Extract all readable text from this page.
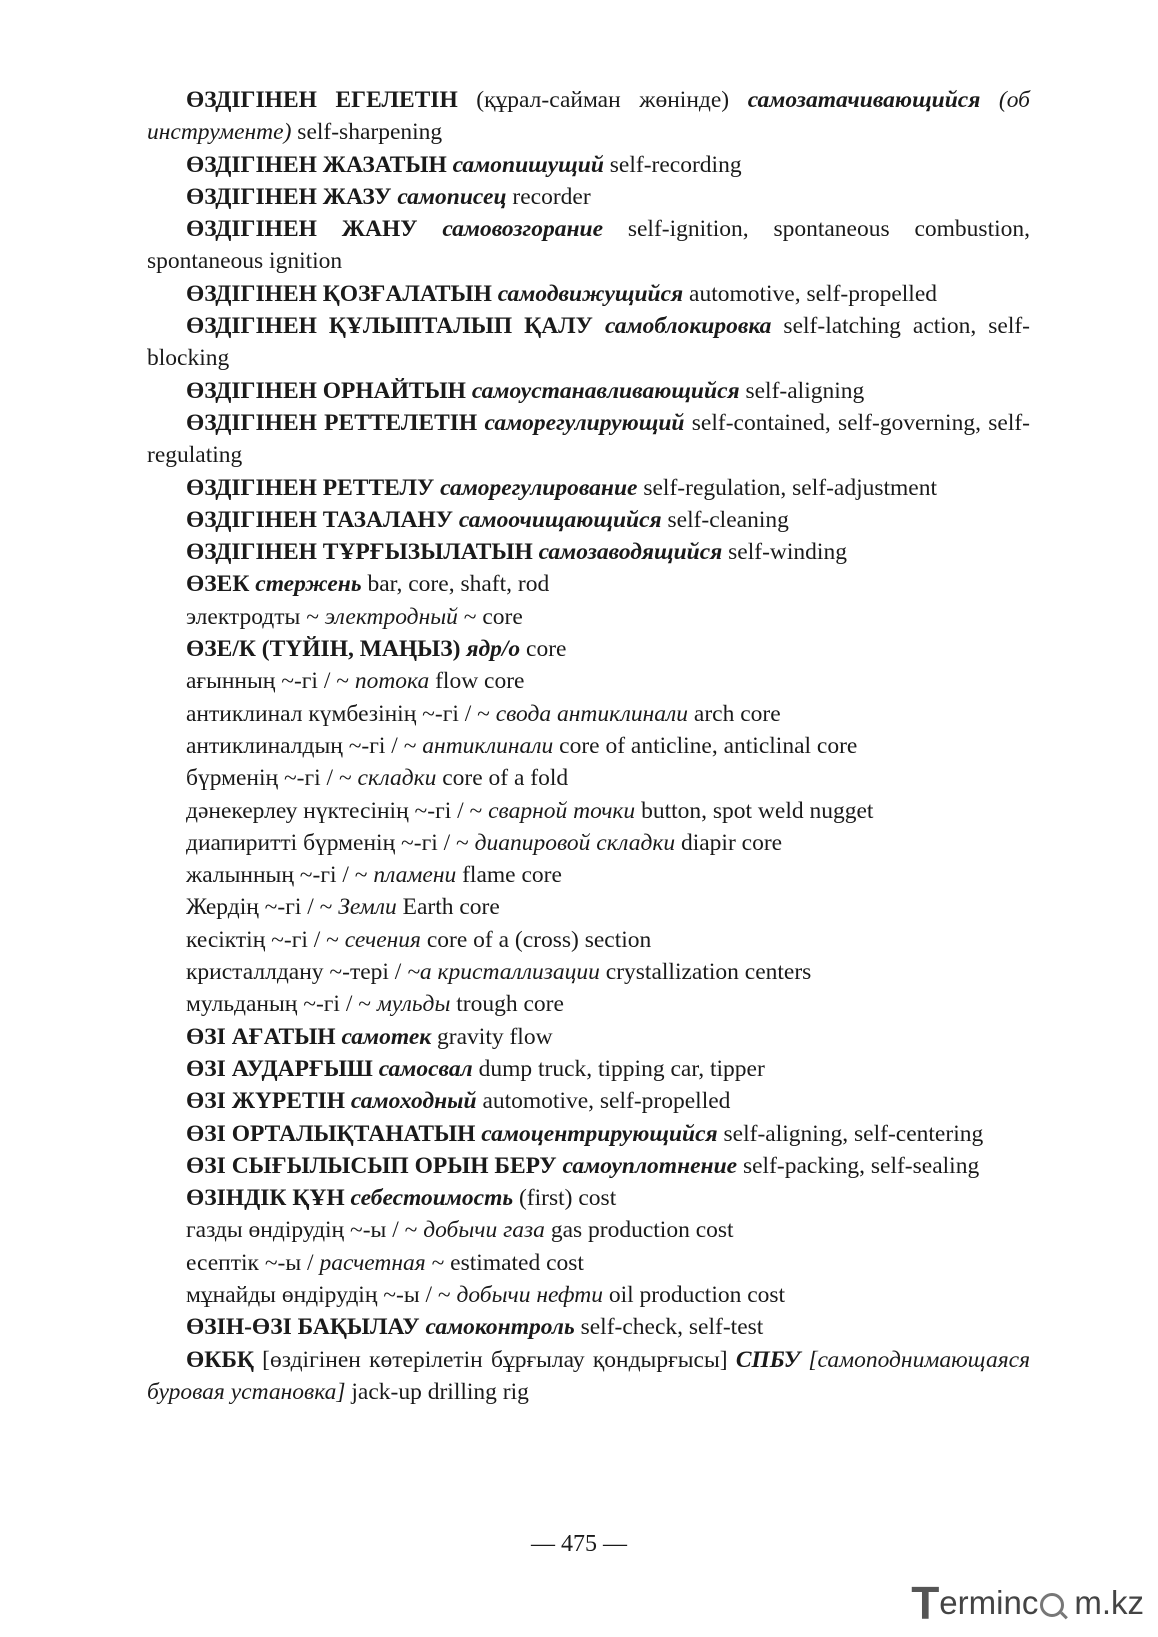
ӨЗДІГІНЕН ЕГЕЛЕТІН (құрал-сайман жөнінде) самозатачивающийся (об инструменте) self-sharpening

ӨЗДІГІНЕН ЖАЗАТЫН самопишущий self-recording

ӨЗДІГІНЕН ЖАЗУ самописец recorder

ӨЗДІГІНЕН ЖАНУ самовозгорание self-ignition, spontaneous combustion, spontaneous ignition

ӨЗДІГІНЕН ҚОЗҒАЛАТЫН самодвижущийся automotive, self-propelled

ӨЗДІГІНЕН ҚҰЛЫПТАЛЫП ҚАЛУ самоблокировка self-latching action, self-blocking

ӨЗДІГІНЕН ОРНАЙТЫН самоустанавливающийся self-aligning

ӨЗДІГІНЕН РЕТТЕЛЕТІН саморегулирующий self-contained, self-governing, self-regulating

ӨЗДІГІНЕН РЕТТЕЛУ саморегулирование self-regulation, self-adjustment

ӨЗДІГІНЕН ТАЗАЛАНУ самоочищающийся self-cleaning

ӨЗДІГІНЕН ТҰРҒЫЗЫЛАТЫН самозаводящийся self-winding

ӨЗЕК стержень bar, core, shaft, rod

электродты ~ электродный ~ core

ӨЗЕ/К (ТҮЙІН, МАҢЫЗ) ядр/о core

ағынның ~-гі / ~ потока flow core

антиклинал күмбезінің ~-гі / ~ свода антиклинали arch core

антиклиналдың ~-гі / ~ антиклинали core of anticline, anticlinal core

бүрменің ~-гі / ~ складки core of a fold

дәнекерлеу нүктесінің ~-гі / ~ сварной точки button, spot weld nugget

диапиритті бүрменің ~-гі / ~ диапировой складки diapir core

жалынның ~-гі / ~ пламени flame core

Жердің ~-гі / ~ Земли Earth core

кесіктің ~-гі / ~ сечения core of a (cross) section

кристаллдану ~-тері / ~а кристаллизации crystallization centers

мульданың ~-гі / ~ мульды trough core

ӨЗІ АҒАТЫН самотек gravity flow

ӨЗІ АУДАРҒЫШ самосвал dump truck, tipping car, tipper

ӨЗІ ЖҮРЕТІН самоходный automotive, self-propelled

ӨЗІ ОРТАЛЫҚТАНАТЫН самоцентрирующийся self-aligning, self-centering

ӨЗІ СЫҒЫЛЫСЫП ОРЫН БЕРУ самоуплотнение self-packing, self-sealing

ӨЗІНДІК ҚҰН себестоимость (first) cost

газды өндірудің ~-ы / ~ добычи газа gas production cost

есептік ~-ы / расчетная ~ estimated cost

мұнайды өндірудің ~-ы / ~ добычи нефти oil production cost

ӨЗІН-ӨЗІ БАҚЫЛАУ самоконтроль self-check, self-test

ӨКБҚ [өздігінен көтерілетін бұрғылау қондырғысы] СПБУ [самоподнимающаяся буровая установка] jack-up drilling rig

— 475 —
T erminc m.kz
